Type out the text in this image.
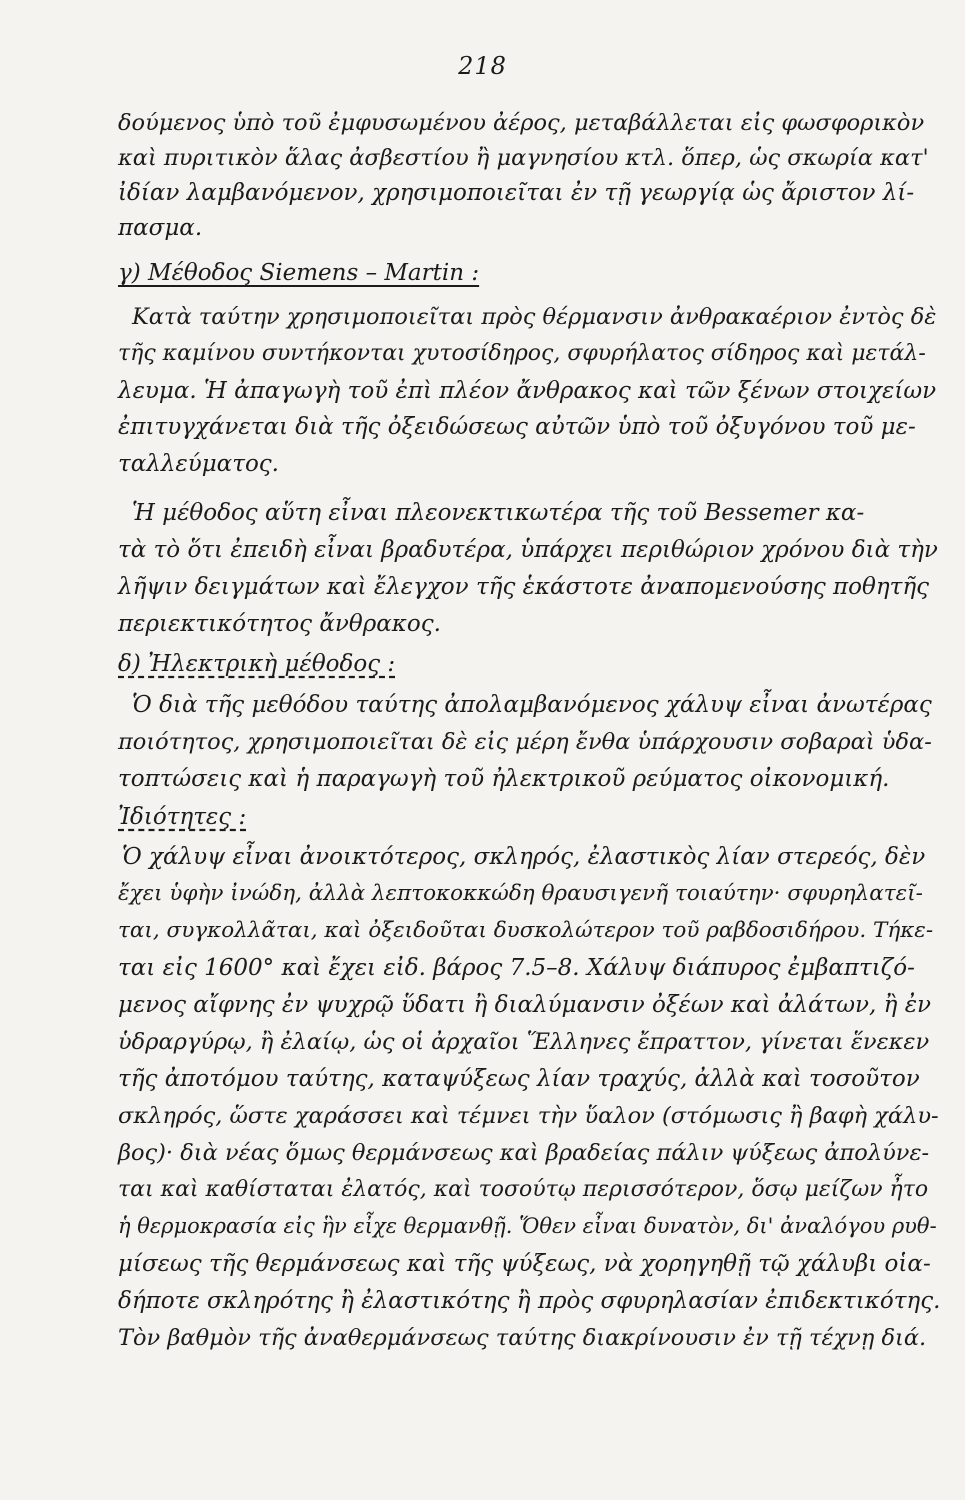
218
δούμενος ὑπὸ τοῦ ἐμφυσωμένου ἀέρος, μεταβάλλεται εἰς φωσφορικὸν
καὶ πυριτικὸν ἅλας ἀσβεστίου ἢ μαγνησίου κτλ. ὅπερ, ὡς σκωρία κατ'
ἰδίαν λαμβανόμενον, χρησιμοποιεῖται ἐν τῇ γεωργίᾳ ὡς ἄριστον λί-
πασμα.
γ) Μέθοδος Siemens – Martin :
Κατὰ ταύτην χρησιμοποιεῖται πρὸς θέρμανσιν ἀνθρακαέριον ἐντὸς δὲ
τῆς καμίνου συντήκονται χυτοσίδηρος, σφυρήλατος σίδηρος καὶ μετάλ-
λευμα. Ἡ ἀπαγωγὴ τοῦ ἐπὶ πλέον ἄνθρακος καὶ τῶν ξένων στοιχείων
ἐπιτυγχάνεται διὰ τῆς ὀξειδώσεως αὐτῶν ὑπὸ τοῦ ὀξυγόνου τοῦ με-
ταλλεύματος.
Ἡ μέθοδος αὕτη εἶναι πλεονεκτικωτέρα τῆς τοῦ Bessemer κα-
τὰ τὸ ὅτι ἐπειδὴ εἶναι βραδυτέρα, ὑπάρχει περιθώριον χρόνου διὰ τὴν
λῆψιν δειγμάτων καὶ ἔλεγχον τῆς ἑκάστοτε ἀναπομενούσης ποθητῆς
περιεκτικότητος ἄνθρακος.
δ) Ἠλεκτρικὴ μέθοδος :
Ὁ διὰ τῆς μεθόδου ταύτης ἀπολαμβανόμενος χάλυψ εἶναι ἀνωτέρας
ποιότητος, χρησιμοποιεῖται δὲ εἰς μέρη ἔνθα ὑπάρχουσιν σοβαραὶ ὑδα-
τοπτώσεις καὶ ἡ παραγωγὴ τοῦ ἠλεκτρικοῦ ρεύματος οἰκονομική.
Ἰδιότητες :
Ὁ χάλυψ εἶναι ἀνοικτότερος, σκληρός, ἐλαστικὸς λίαν στερεός, δὲν
ἔχει ὑφὴν ἰνώδη, ἀλλὰ λεπτοκοκκώδη θραυσιγενῆ τοιαύτην· σφυρηλατεῖ-
ται, συγκολλᾶται, καὶ ὀξειδοῦται δυσκολώτερον τοῦ ραβδοσιδήρου. Τήκε-
ται εἰς 1600° καὶ ἔχει εἰδ. βάρος 7.5–8. Χάλυψ διάπυρος ἐμβαπτιζό-
μενος αἴφνης ἐν ψυχρῷ ὕδατι ἢ διαλύμανσιν ὀξέων καὶ ἀλάτων, ἢ ἐν
ὑδραργύρῳ, ἢ ἐλαίῳ, ὡς οἱ ἀρχαῖοι Ἕλληνες ἔπραττον, γίνεται ἕνεκεν
τῆς ἀποτόμου ταύτης, καταψύξεως λίαν τραχύς, ἀλλὰ καὶ τοσοῦτον
σκληρός, ὥστε χαράσσει καὶ τέμνει τὴν ὕαλον (στόμωσις ἢ βαφὴ χάλυ-
βος)· διὰ νέας ὅμως θερμάνσεως καὶ βραδείας πάλιν ψύξεως ἀπολύνε-
ται καὶ καθίσταται ἐλατός, καὶ τοσούτῳ περισσότερον, ὅσῳ μείζων ἦτο
ἡ θερμοκρασία εἰς ἣν εἶχε θερμανθῇ. Ὅθεν εἶναι δυνατὸν, δι' ἀναλόγου ρυθ-
μίσεως τῆς θερμάνσεως καὶ τῆς ψύξεως, νὰ χορηγηθῇ τῷ χάλυβι οἱα-
δήποτε σκληρότης ἢ ἐλαστικότης ἢ πρὸς σφυρηλασίαν ἐπιδεκτικότης.
Τὸν βαθμὸν τῆς ἀναθερμάνσεως ταύτης διακρίνουσιν ἐν τῇ τέχνῃ διά.
